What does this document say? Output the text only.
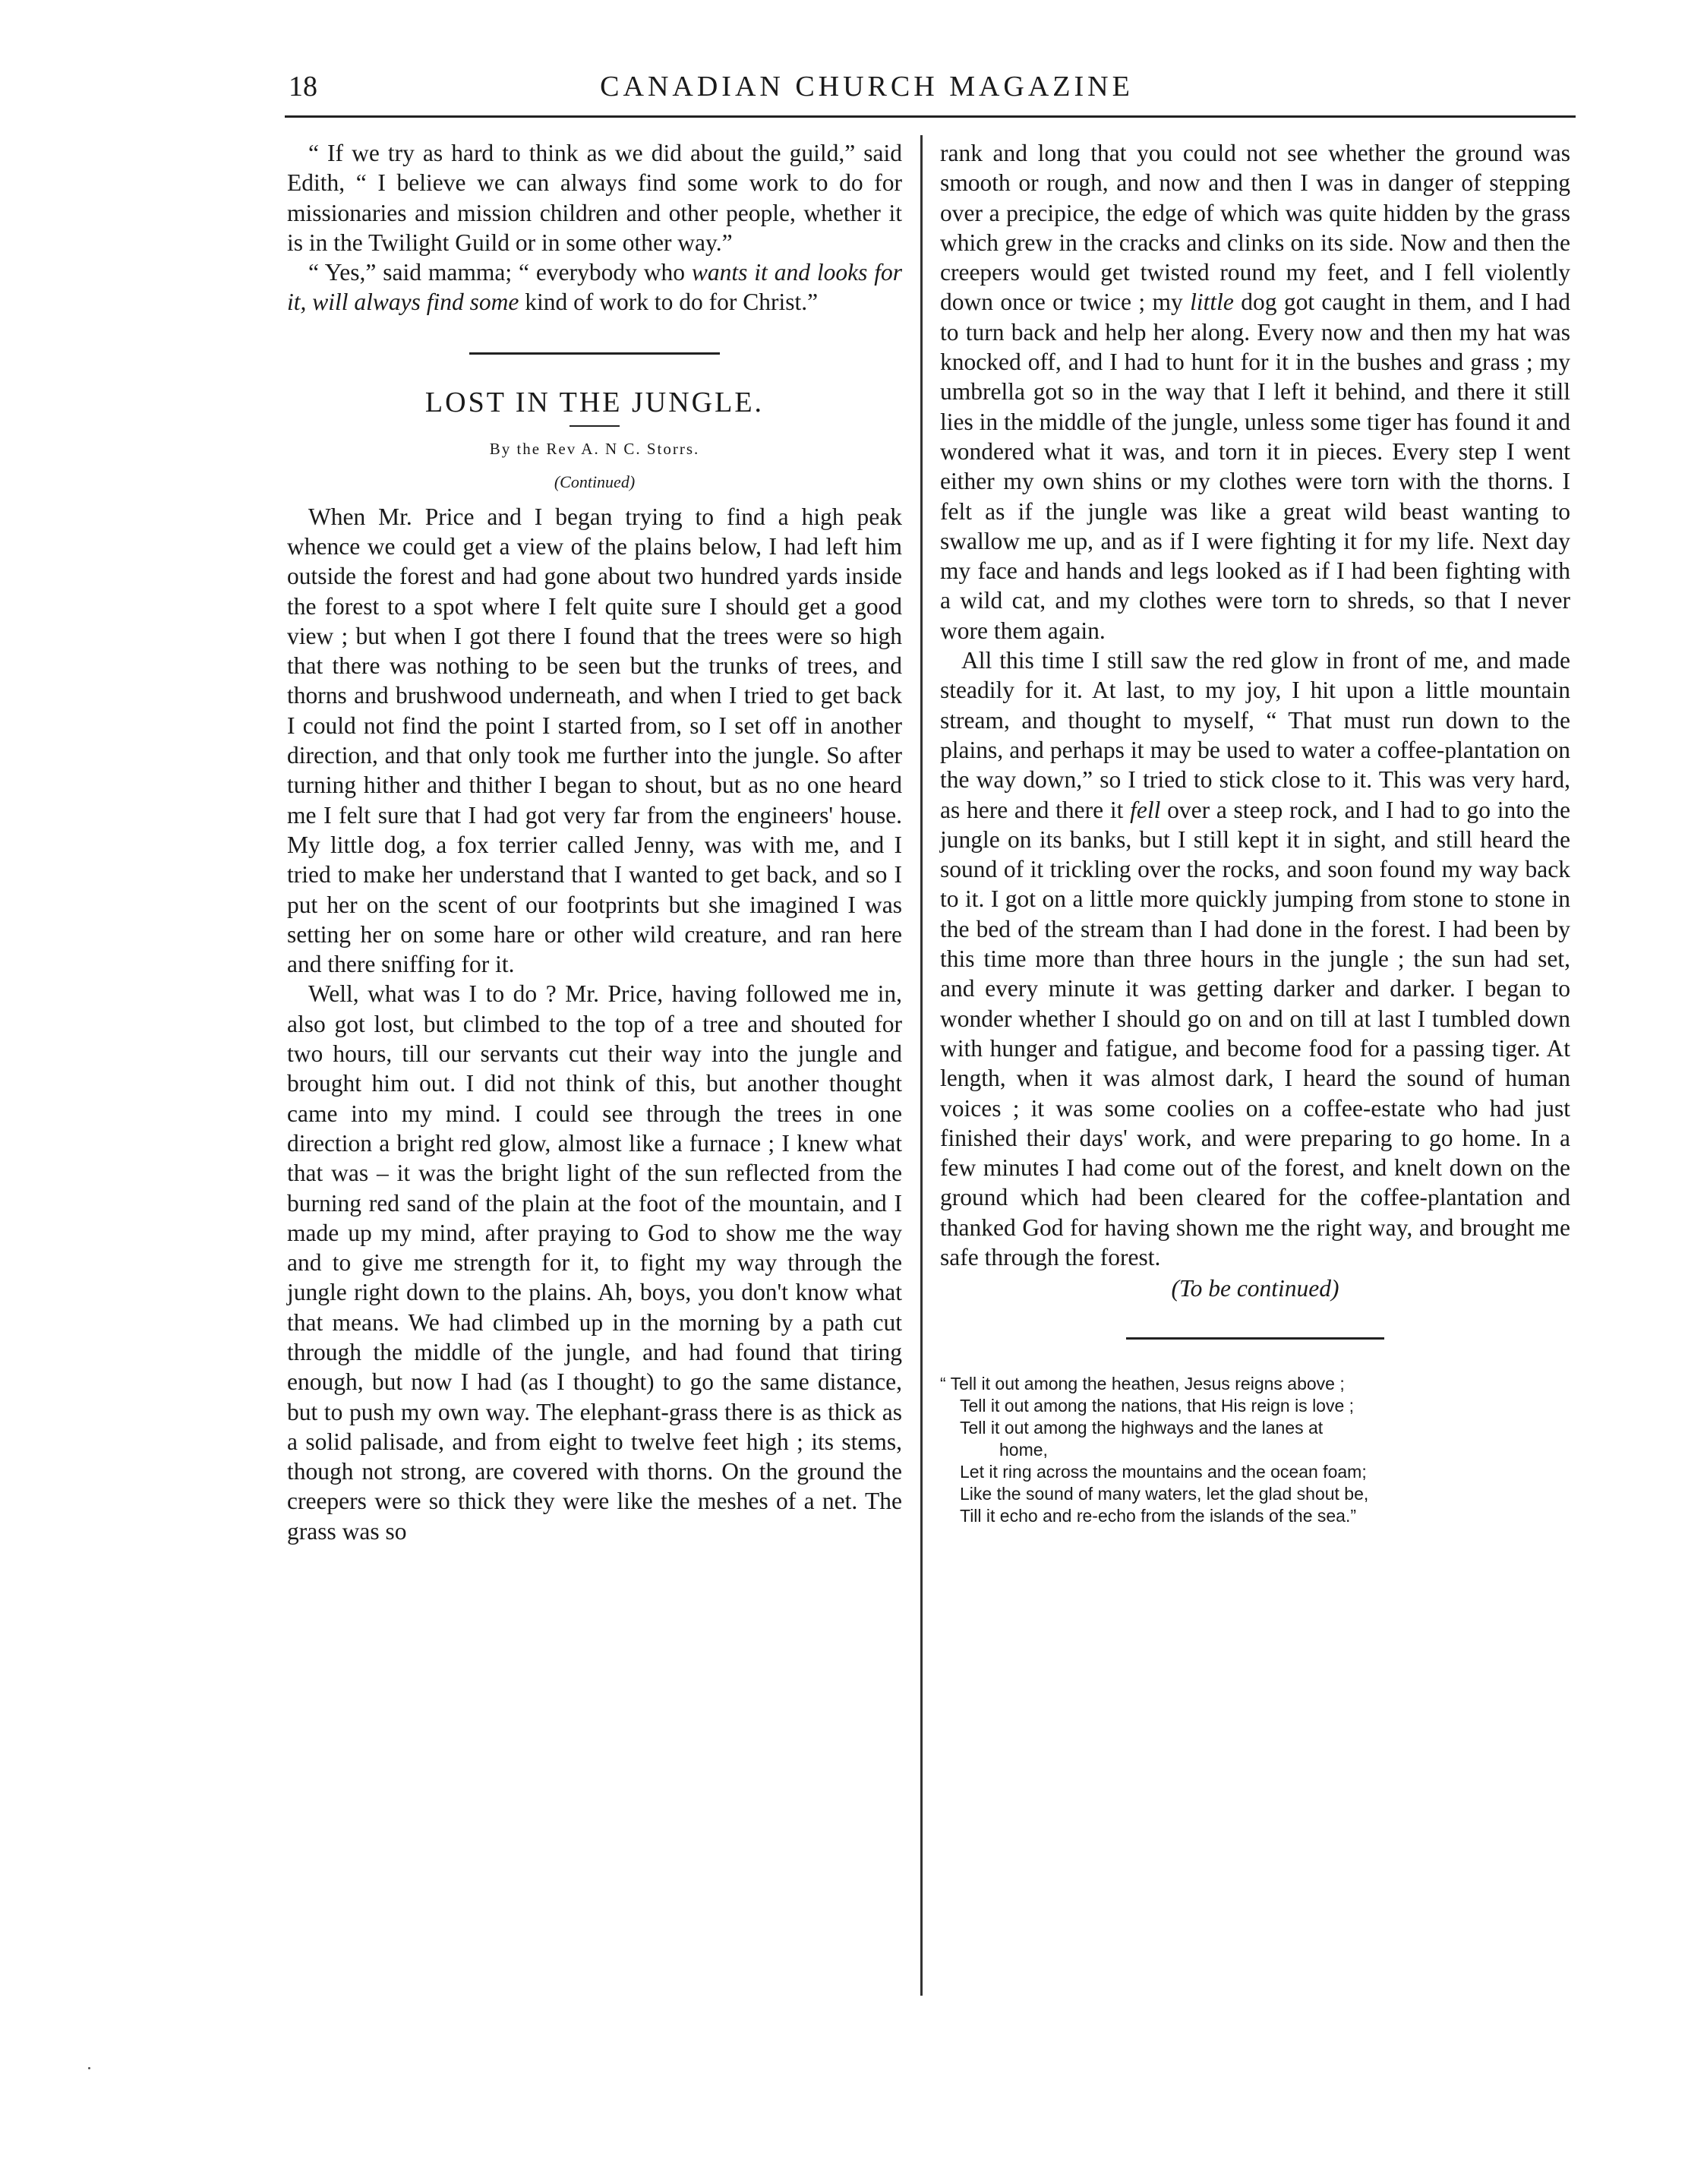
18	CANADIAN CHURCH MAGAZINE

“ If we try as hard to think as we did about the guild,” said Edith, “ I believe we can always find some work to do for missionaries and mission children and other people, whether it is in the Twilight Guild or in some other way.”

“ Yes,” said mamma; “ everybody who wants it and looks for it, will always find some kind of work to do for Christ.”

LOST IN THE JUNGLE.
By the Rev A. N C. Storrs.
(Continued)

When Mr. Price and I began trying to find a high peak whence we could get a view of the plains below, I had left him outside the forest and had gone about two hundred yards inside the forest to a spot where I felt quite sure I should get a good view ; but when I got there I found that the trees were so high that there was nothing to be seen but the trunks of trees, and thorns and brushwood underneath, and when I tried to get back I could not find the point I started from, so I set off in another direction, and that only took me further into the jungle. So after turning hither and thither I began to shout, but as no one heard me I felt sure that I had got very far from the engineers' house. My little dog, a fox terrier called Jenny, was with me, and I tried to make her understand that I wanted to get back, and so I put her on the scent of our footprints but she imagined I was setting her on some hare or other wild creature, and ran here and there sniffing for it.

Well, what was I to do ? Mr. Price, having followed me in, also got lost, but climbed to the top of a tree and shouted for two hours, till our servants cut their way into the jungle and brought him out. I did not think of this, but another thought came into my mind. I could see through the trees in one direction a bright red glow, almost like a furnace ; I knew what that was – it was the bright light of the sun reflected from the burning red sand of the plain at the foot of the mountain, and I made up my mind, after praying to God to show me the way and to give me strength for it, to fight my way through the jungle right down to the plains. Ah, boys, you don't know what that means. We had climbed up in the morning by a path cut through the middle of the jungle, and had found that tiring enough, but now I had (as I thought) to go the same distance, but to push my own way. The elephant-grass there is as thick as a solid palisade, and from eight to twelve feet high ; its stems, though not strong, are covered with thorns. On the ground the creepers were so thick they were like the meshes of a net. The grass was so

rank and long that you could not see whether the ground was smooth or rough, and now and then I was in danger of stepping over a precipice, the edge of which was quite hidden by the grass which grew in the cracks and clinks on its side. Now and then the creepers would get twisted round my feet, and I fell violently down once or twice ; my little dog got caught in them, and I had to turn back and help her along. Every now and then my hat was knocked off, and I had to hunt for it in the bushes and grass ; my umbrella got so in the way that I left it behind, and there it still lies in the middle of the jungle, unless some tiger has found it and wondered what it was, and torn it in pieces. Every step I went either my own shins or my clothes were torn with the thorns. I felt as if the jungle was like a great wild beast wanting to swallow me up, and as if I were fighting it for my life. Next day my face and hands and legs looked as if I had been fighting with a wild cat, and my clothes were torn to shreds, so that I never wore them again.

All this time I still saw the red glow in front of me, and made steadily for it. At last, to my joy, I hit upon a little mountain stream, and thought to myself, “ That must run down to the plains, and perhaps it may be used to water a coffee-plantation on the way down,” so I tried to stick close to it. This was very hard, as here and there it fell over a steep rock, and I had to go into the jungle on its banks, but I still kept it in sight, and still heard the sound of it trickling over the rocks, and soon found my way back to it. I got on a little more quickly jumping from stone to stone in the bed of the stream than I had done in the forest. I had been by this time more than three hours in the jungle ; the sun had set, and every minute it was getting darker and darker. I began to wonder whether I should go on and on till at last I tumbled down with hunger and fatigue, and become food for a passing tiger. At length, when it was almost dark, I heard the sound of human voices ; it was some coolies on a coffee-estate who had just finished their days' work, and were preparing to go home. In a few minutes I had come out of the forest, and knelt down on the ground which had been cleared for the coffee-plantation and thanked God for having shown me the right way, and brought me safe through the forest.

(To be continued)
“ Tell it out among the heathen, Jesus reigns above ;
Tell it out among the nations, that His reign is love ;
Tell it out among the highways and the lanes at
home,
Let it ring across the mountains and the ocean foam;
Like the sound of many waters, let the glad shout be,
Till it echo and re-echo from the islands of the sea.”
